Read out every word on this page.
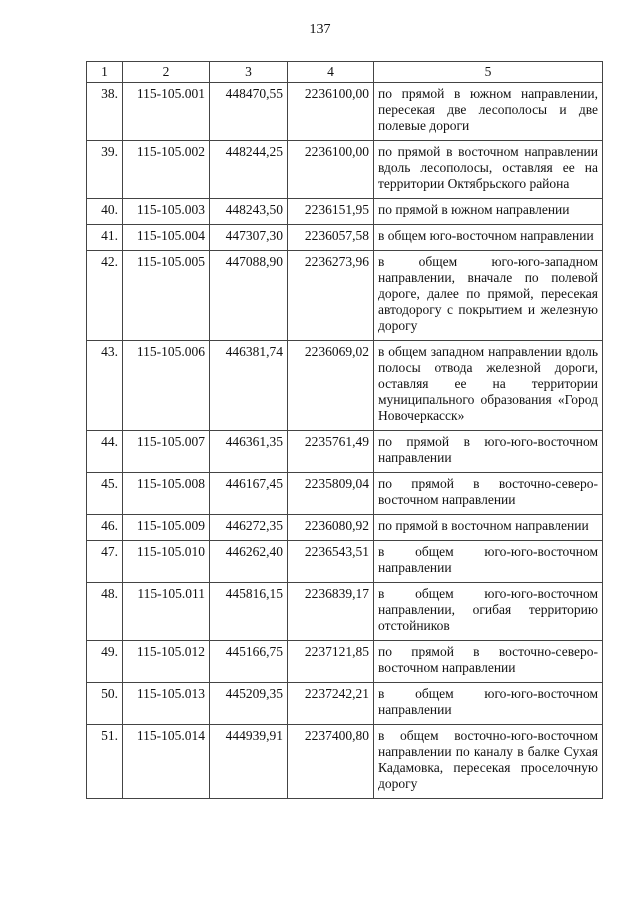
137
1	2	3	4	5
38.	115-105.001	448470,55	2236100,00	по прямой в южном направлении, пересекая две лесополосы и две полевые дороги
39.	115-105.002	448244,25	2236100,00	по прямой в восточном направлении вдоль лесополосы, оставляя ее на территории Октябрьского района
40.	115-105.003	448243,50	2236151,95	по прямой в южном направлении
41.	115-105.004	447307,30	2236057,58	в общем юго-восточном направлении
42.	115-105.005	447088,90	2236273,96	в общем юго-юго-западном направлении, вначале по полевой дороге, далее по прямой, пересекая автодорогу с покрытием и железную дорогу
43.	115-105.006	446381,74	2236069,02	в общем западном направлении вдоль полосы отвода железной дороги, оставляя ее на территории муниципального образования «Город Новочеркасск»
44.	115-105.007	446361,35	2235761,49	по прямой в юго-юго-восточном направлении
45.	115-105.008	446167,45	2235809,04	по прямой в восточно-северо-восточном направлении
46.	115-105.009	446272,35	2236080,92	по прямой в восточном направлении
47.	115-105.010	446262,40	2236543,51	в общем юго-юго-восточном направлении
48.	115-105.011	445816,15	2236839,17	в общем юго-юго-восточном направлении, огибая территорию отстойников
49.	115-105.012	445166,75	2237121,85	по прямой в восточно-северо-восточном направлении
50.	115-105.013	445209,35	2237242,21	в общем юго-юго-восточном направлении
51.	115-105.014	444939,91	2237400,80	в общем восточно-юго-восточном направлении по каналу в балке Сухая Кадамовка, пересекая проселочную дорогу
